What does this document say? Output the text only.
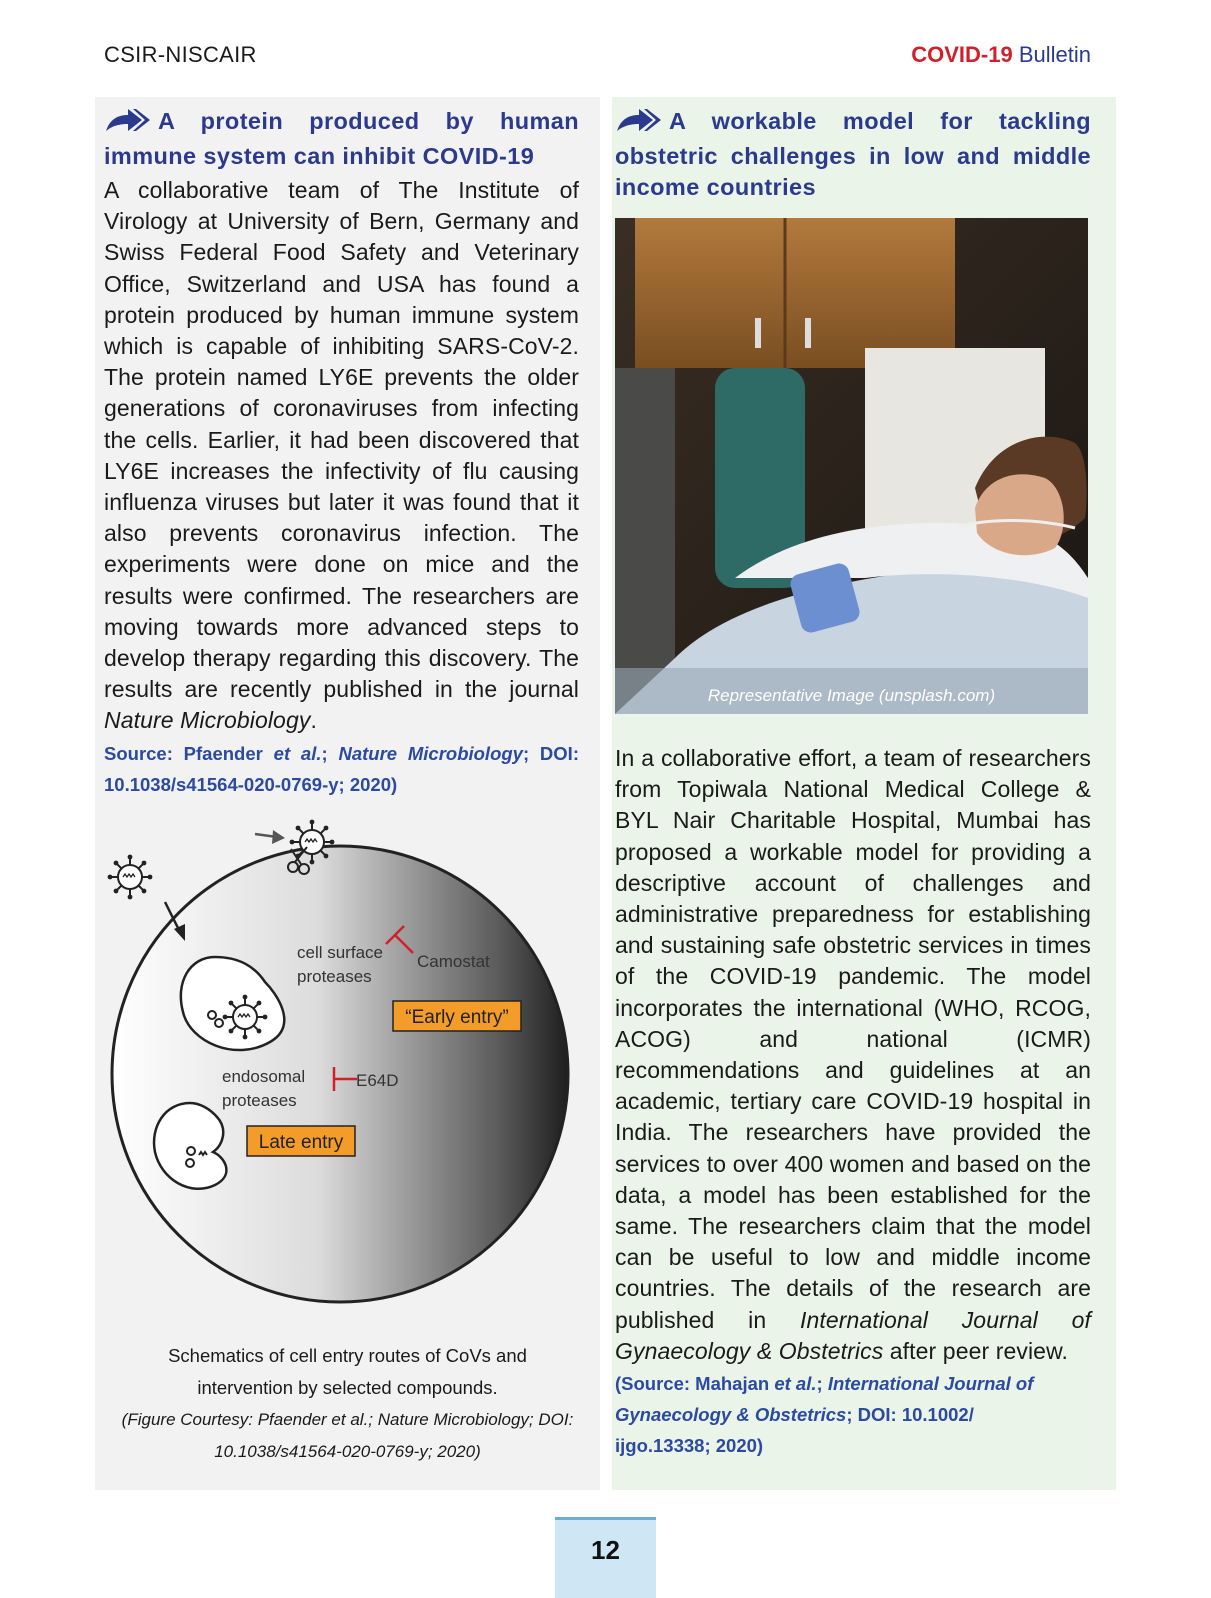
CSIR-NISCAIR	COVID-19 Bulletin
A protein produced by human immune system can inhibit COVID-19
A collaborative team of The Institute of Virology at University of Bern, Germany and Swiss Federal Food Safety and Veterinary Office, Switzerland and USA has found a protein produced by human immune system which is capable of inhibiting SARS-CoV-2. The protein named LY6E prevents the older generations of coronaviruses from infecting the cells. Earlier, it had been discovered that LY6E increases the infectivity of flu causing influenza viruses but later it was found that it also prevents coronavirus infection. The experiments were done on mice and the results were confirmed. The researchers are moving towards more advanced steps to develop therapy regarding this discovery. The results are recently published in the journal Nature Microbiology.
Source: Pfaender et al.; Nature Microbiology; DOI: 10.1038/s41564-020-0769-y; 2020)
cell surface
proteases
Camostat
“Early entry”
endosomal
proteases
E64D
Late entry
Schematics of cell entry routes of CoVs and
intervention by selected compounds.
(Figure Courtesy: Pfaender et al.; Nature Microbiology; DOI:
10.1038/s41564-020-0769-y; 2020)
A workable model for tackling obstetric challenges in low and middle income countries
Representative Image (unsplash.com)
In a collaborative effort, a team of researchers from Topiwala National Medical College & BYL Nair Charitable Hospital, Mumbai has proposed a workable model for providing a descriptive account of challenges and administrative preparedness for establishing and sustaining safe obstetric services in times of the COVID-19 pandemic. The model incorporates the international (WHO, RCOG, ACOG) and national (ICMR) recommendations and guidelines at an academic, tertiary care COVID-19 hospital in India. The researchers have provided the services to over 400 women and based on the data, a model has been established for the same. The researchers claim that the model can be useful to low and middle income countries. The details of the research are published in International Journal of Gynaecology & Obstetrics after peer review.
(Source: Mahajan et al.; International Journal of Gynaecology & Obstetrics; DOI: 10.1002/ ijgo.13338; 2020)
12
